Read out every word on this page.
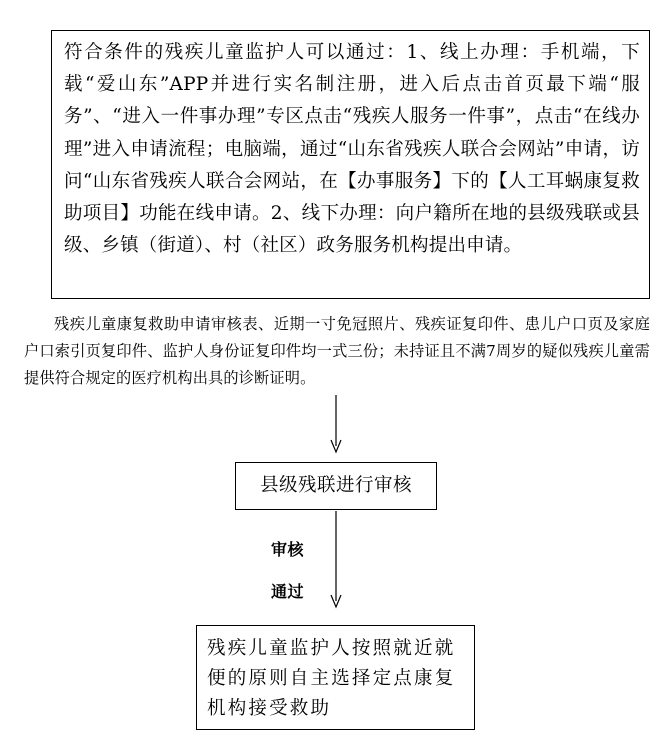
符合条件的残疾儿童监护人可以通过：1、线上办理：手机端，下载“爱山东”APP并进行实名制注册，进入后点击首页最下端“服务”、“进入一件事办理”专区点击“残疾人服务一件事”，点击“在线办理”进入申请流程；电脑端，通过“山东省残疾人联合会网站”申请，访问“山东省残疾人联合会网站，在【办事服务】下的【人工耳蜗康复救助项目】功能在线申请。2、线下办理：向户籍所在地的县级残联或县级、乡镇（街道）、村（社区）政务服务机构提出申请。
残疾儿童康复救助申请审核表、近期一寸免冠照片、残疾证复印件、患儿户口页及家庭户口索引页复印件、监护人身份证复印件均一式三份；未持证且不满7周岁的疑似残疾儿童需提供符合规定的医疗机构出具的诊断证明。
县级残联进行审核
审核
通过
残疾儿童监护人按照就近就便的原则自主选择定点康复机构接受救助
